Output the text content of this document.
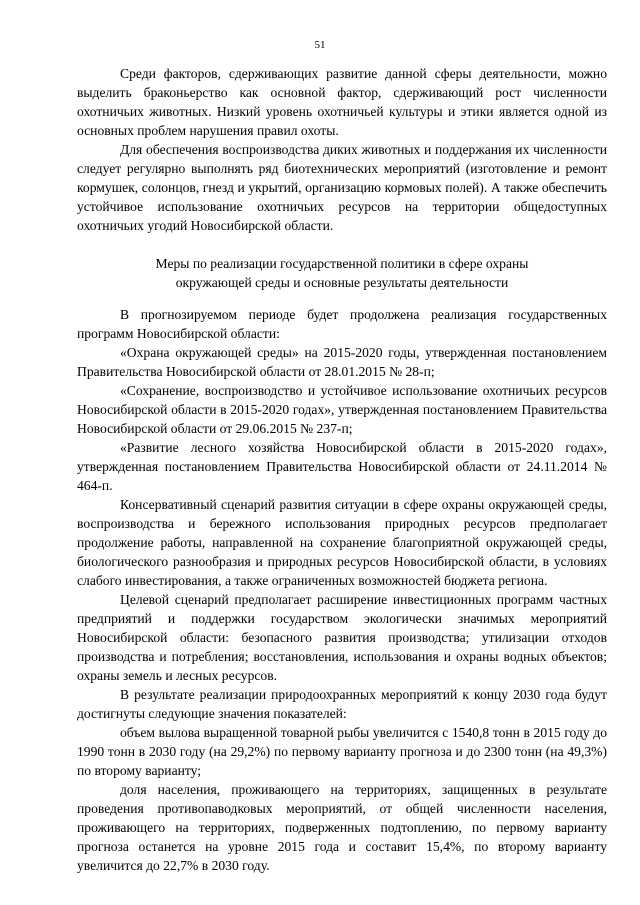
51

Среди факторов, сдерживающих развитие данной сферы деятельности, можно выделить браконьерство как основной фактор, сдерживающий рост численности охотничьих животных. Низкий уровень охотничьей культуры и этики является одной из основных проблем нарушения правил охоты.

Для обеспечения воспроизводства диких животных и поддержания их численности следует регулярно выполнять ряд биотехнических мероприятий (изготовление и ремонт кормушек, солонцов, гнезд и укрытий, организацию кормовых полей). А также обеспечить устойчивое использование охотничьих ресурсов на территории общедоступных охотничьих угодий Новосибирской области.

Меры по реализации государственной политики в сфере охраны
окружающей среды и основные результаты деятельности

В прогнозируемом периоде будет продолжена реализация государственных программ Новосибирской области:

«Охрана окружающей среды» на 2015-2020 годы, утвержденная постановлением Правительства Новосибирской области от 28.01.2015 № 28-п;

«Сохранение, воспроизводство и устойчивое использование охотничьих ресурсов Новосибирской области в 2015-2020 годах», утвержденная постановлением Правительства Новосибирской области от 29.06.2015 № 237-п;

«Развитие лесного хозяйства Новосибирской области в 2015-2020 годах», утвержденная постановлением Правительства Новосибирской области от 24.11.2014 № 464-п.

Консервативный сценарий развития ситуации в сфере охраны окружающей среды, воспроизводства и бережного использования природных ресурсов предполагает продолжение работы, направленной на сохранение благоприятной окружающей среды, биологического разнообразия и природных ресурсов Новосибирской области, в условиях слабого инвестирования, а также ограниченных возможностей бюджета региона.

Целевой сценарий предполагает расширение инвестиционных программ частных предприятий и поддержки государством экологически значимых мероприятий Новосибирской области: безопасного развития производства; утилизации отходов производства и потребления; восстановления, использования и охраны водных объектов; охраны земель и лесных ресурсов.

В результате реализации природоохранных мероприятий к концу 2030 года будут достигнуты следующие значения показателей:

объем вылова выращенной товарной рыбы увеличится с 1540,8 тонн в 2015 году до 1990 тонн в 2030 году (на 29,2%) по первому варианту прогноза и до 2300 тонн (на 49,3%) по второму варианту;

доля населения, проживающего на территориях, защищенных в результате проведения противопаводковых мероприятий, от общей численности населения, проживающего на территориях, подверженных подтоплению, по первому варианту прогноза останется на уровне 2015 года и составит 15,4%, по второму варианту увеличится до 22,7% в 2030 году.
